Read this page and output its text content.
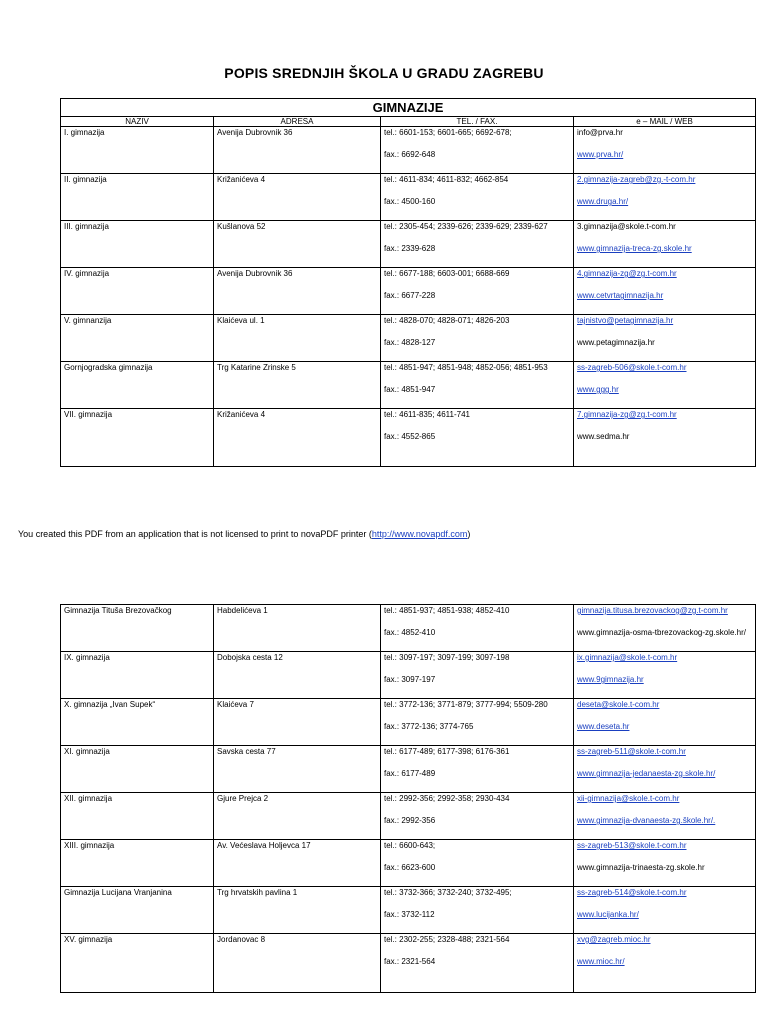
POPIS SREDNJIH ŠKOLA U GRADU ZAGREBU
GIMNAZIJE			
NAZIV	ADRESA	TEL. / FAX.	e – MAIL / WEB
I. gimnazija	Avenija Dubrovnik 36	tel.: 6601-153; 6601-665; 6692-678;
fax.: 6692-648	info@prva.hr
www.prva.hr/

II. gimnazija	Križanićeva 4	tel.: 4611-834; 4611-832; 4662-854
fax.: 4500-160	2.gimnazija-zagreb@zg.-t-com.hr
www.druga.hr/

III. gimnazija	Kušlanova 52	tel.: 2305-454; 2339-626; 2339-629; 2339-627
fax.: 2339-628	3.gimnazija@skole.t-com.hr
www.gimnazija-treca-zg.skole.hr

IV. gimnazija	Avenija Dubrovnik 36	tel.: 6677-188; 6603-001; 6688-669
fax.: 6677-228	4.gimnazija-zg@zg.t-com.hr
www.cetvrtagimnazija.hr

V. gimnanzija	Klaićeva ul. 1	tel.: 4828-070; 4828-071; 4826-203
fax.: 4828-127	tajnistvo@petagimnazija.hr
www.petagimnazija.hr

Gornjogradska gimnazija	Trg Katarine Zrinske 5	tel.: 4851-947; 4851-948; 4852-056; 4851-953
fax.: 4851-947	ss-zagreb-506@skole.t-com.hr
www.ggg.hr

VII. gimnazija	Križanićeva 4	tel.: 4611-835; 4611-741
fax.: 4552-865	7.gimnazija-zg@zg.t-com.hr
www.sedma.hr
You created this PDF from an application that is not licensed to print to novaPDF printer (http://www.novapdf.com)
Gimnazija Tituša Brezovačkog	Habdelićeva 1	tel.: 4851-937; 4851-938; 4852-410
fax.: 4852-410	gimnazija.titusa.brezovackog@zg.t-com.hr
www.gimnazija-osma-tbrezovackog-zg.skole.hr/

IX. gimnazija	Dobojska cesta 12	tel.: 3097-197; 3097-199; 3097-198
fax.: 3097-197	ix.gimnazija@skole.t-com.hr
www.9gimnazija.hr

X. gimnazija „Ivan Supek“	Klaićeva 7	tel.: 3772-136; 3771-879; 3777-994; 5509-280
fax.: 3772-136; 3774-765	deseta@skole.t-com.hr
www.deseta.hr

XI. gimnazija	Savska cesta 77	tel.: 6177-489; 6177-398; 6176-361
fax.: 6177-489	ss-zagreb-511@skole.t-com.hr
www.gimnazija-jedanaesta-zg.skole.hr/

XII. gimnazija	Gjure Prejca 2	tel.: 2992-356; 2992-358; 2930-434
fax.: 2992-356	xii-gimnazija@skole.t-com.hr
www.gimnazija-dvanaesta-zg.škole.hr/.

XIII. gimnazija	Av. Većeslava Holjevca 17	tel.: 6600-643;
fax.: 6623-600	ss-zagreb-513@skole.t-com.hr
www.gimnazija-trinaesta-zg.skole.hr

Gimnazija Lucijana Vranjanina	Trg hrvatskih pavlina 1	tel.: 3732-366; 3732-240; 3732-495;
fax.: 3732-112	ss-zagreb-514@skole.t-com.hr
www.lucijanka.hr/

XV. gimnazija	Jordanovac 8	tel.: 2302-255; 2328-488; 2321-564
fax.: 2321-564	xvg@zagreb.mioc.hr
www.mioc.hr/
